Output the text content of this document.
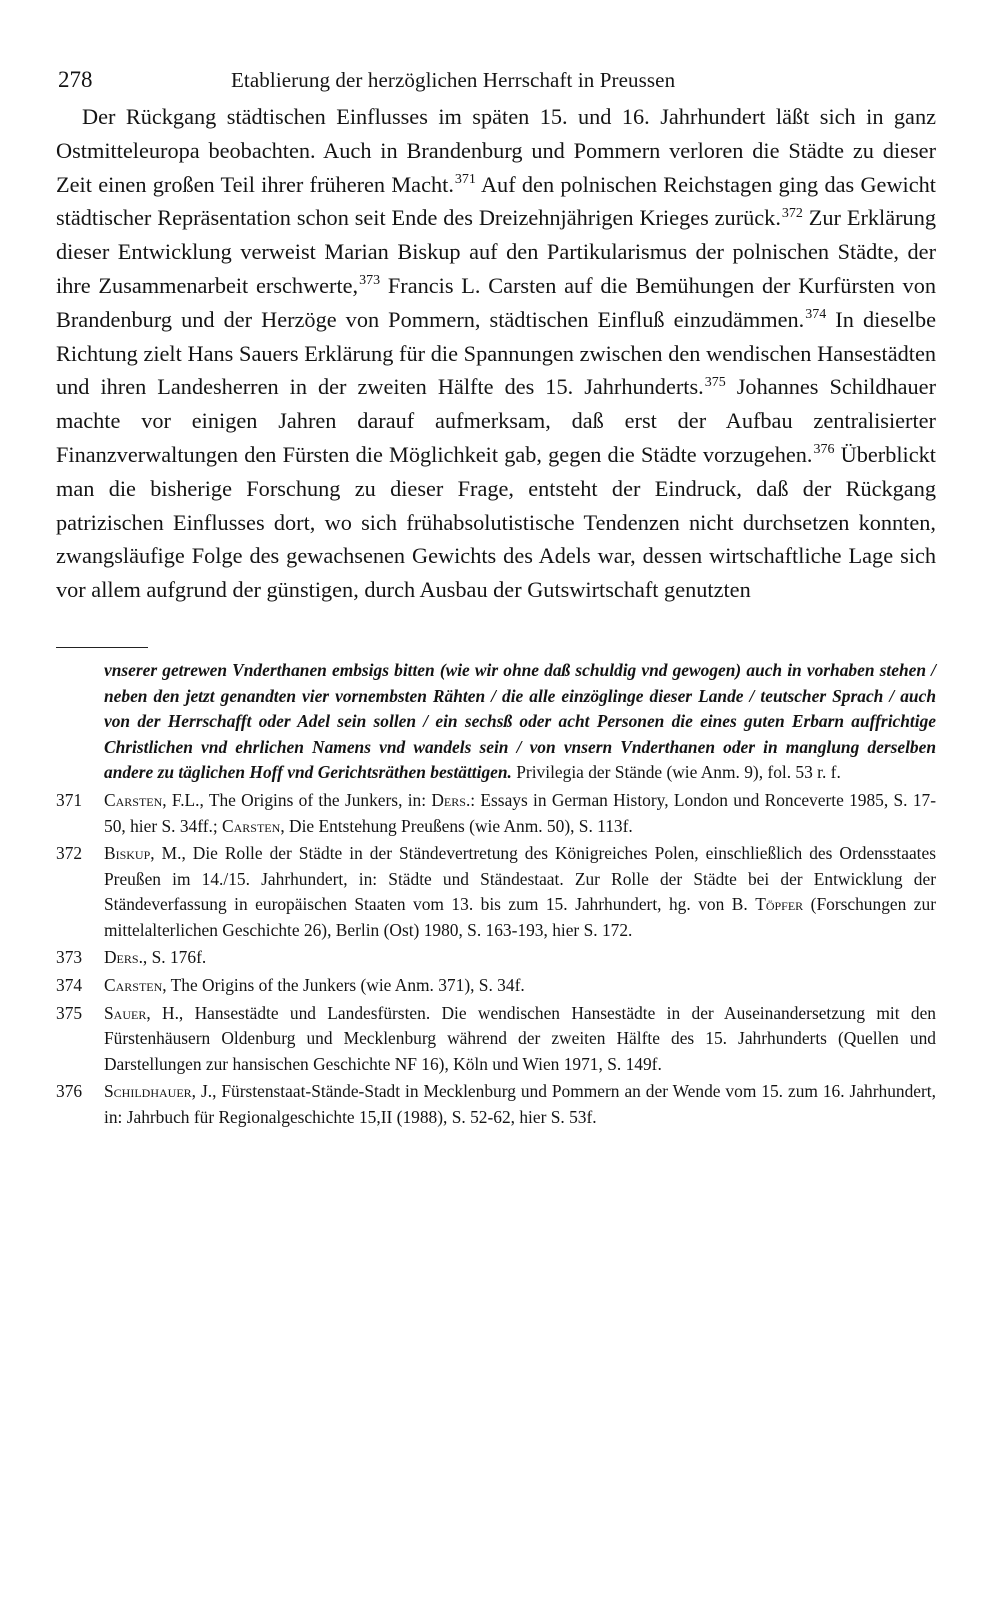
278	Etablierung der herzöglichen Herrschaft in Preussen

Der Rückgang städtischen Einflusses im späten 15. und 16. Jahrhundert läßt sich in ganz Ostmitteleuropa beobachten. Auch in Brandenburg und Pommern verloren die Städte zu dieser Zeit einen großen Teil ihrer früheren Macht.$^{371}$ Auf den polnischen Reichstagen ging das Gewicht städtischer Repräsentation schon seit Ende des Dreizehnjährigen Krieges zurück.$^{372}$ Zur Erklärung dieser Entwicklung verweist Marian Biskup auf den Partikularismus der polnischen Städte, der ihre Zusammenarbeit erschwerte,$^{373}$ Francis L. Carsten auf die Bemühungen der Kurfürsten von Brandenburg und der Herzöge von Pommern, städtischen Einfluß einzudämmen.$^{374}$ In dieselbe Richtung zielt Hans Sauers Erklärung für die Spannungen zwischen den wendischen Hansestädten und ihren Landesherren in der zweiten Hälfte des 15. Jahrhunderts.$^{375}$ Johannes Schildhauer machte vor einigen Jahren darauf aufmerksam, daß erst der Aufbau zentralisierter Finanzverwaltungen den Fürsten die Möglichkeit gab, gegen die Städte vorzugehen.$^{376}$ Überblickt man die bisherige Forschung zu dieser Frage, entsteht der Eindruck, daß der Rückgang patrizischen Einflusses dort, wo sich frühabsolutistische Tendenzen nicht durchsetzen konnten, zwangsläufige Folge des gewachsenen Gewichts des Adels war, dessen wirtschaftliche Lage sich vor allem aufgrund der günstigen, durch Ausbau der Gutswirtschaft genutzten

vnserer getrewen Vnderthanen embsigs bitten (wie wir ohne daß schuldig vnd gewogen) auch in vorhaben stehen / neben den jetzt genandten vier vornembsten Rähten / die alle einzöglinge dieser Lande / teutscher Sprach / auch von der Herrschafft oder Adel sein sollen / ein sechsß oder acht Personen die eines guten Erbarn auffrichtige Christlichen vnd ehrlichen Namens vnd wandels sein / von vnsern Vnderthanen oder in manglung derselben andere zu täglichen Hoff vnd Gerichtsräthen bestättigen. Privilegia der Stände (wie Anm. 9), fol. 53 r. f.

371 Carsten, F.L., The Origins of the Junkers, in: Ders.: Essays in German History, London und Ronceverte 1985, S. 17-50, hier S. 34ff.; Carsten, Die Entstehung Preußens (wie Anm. 50), S. 113f.

372 Biskup, M., Die Rolle der Städte in der Ständevertretung des Königreiches Polen, einschließlich des Ordensstaates Preußen im 14./15. Jahrhundert, in: Städte und Ständestaat. Zur Rolle der Städte bei der Entwicklung der Ständeverfassung in europäischen Staaten vom 13. bis zum 15. Jahrhundert, hg. von B. Töpfer (Forschungen zur mittelalterlichen Geschichte 26), Berlin (Ost) 1980, S. 163-193, hier S. 172.

373 Ders., S. 176f.

374 Carsten, The Origins of the Junkers (wie Anm. 371), S. 34f.

375 Sauer, H., Hansestädte und Landesfürsten. Die wendischen Hansestädte in der Auseinandersetzung mit den Fürstenhäusern Oldenburg und Mecklenburg während der zweiten Hälfte des 15. Jahrhunderts (Quellen und Darstellungen zur hansischen Geschichte NF 16), Köln und Wien 1971, S. 149f.

376 Schildhauer, J., Fürstenstaat-Stände-Stadt in Mecklenburg und Pommern an der Wende vom 15. zum 16. Jahrhundert, in: Jahrbuch für Regionalgeschichte 15,II (1988), S. 52-62, hier S. 53f.
